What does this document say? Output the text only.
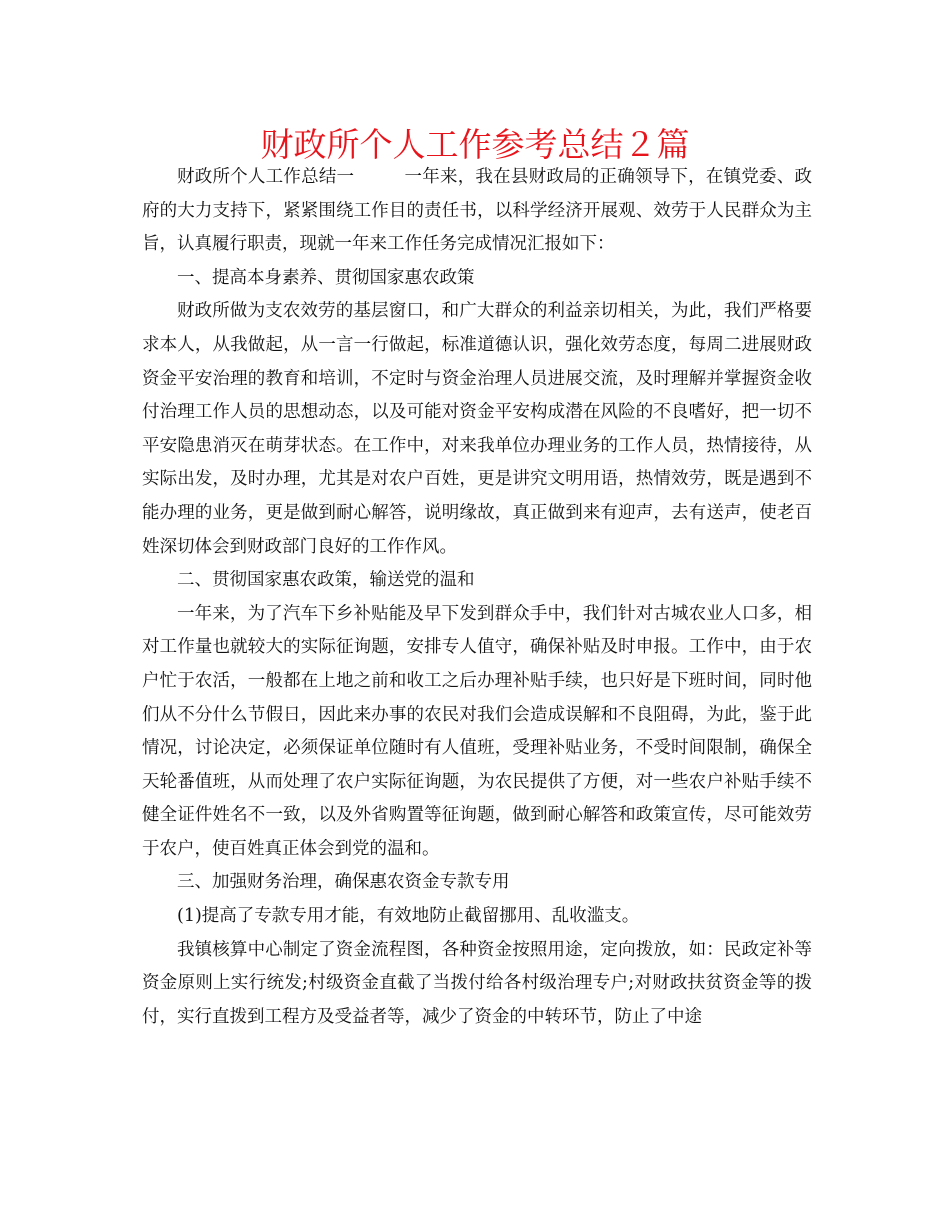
财政所个人工作参考总结２篇

财政所个人工作总结一	一年来，我在县财政局的正确领导下，在镇党委、政府的大力支持下，紧紧围绕工作目的责任书，以科学经济开展观、效劳于人民群众为主旨，认真履行职责，现就一年来工作任务完成情况汇报如下：

一、提高本身素养、贯彻国家惠农政策

财政所做为支农效劳的基层窗口，和广大群众的利益亲切相关，为此，我们严格要求本人，从我做起，从一言一行做起，标准道德认识，强化效劳态度，每周二进展财政资金平安治理的教育和培训，不定时与资金治理人员进展交流，及时理解并掌握资金收付治理工作人员的思想动态，以及可能对资金平安构成潜在风险的不良嗜好，把一切不平安隐患消灭在萌芽状态。在工作中，对来我单位办理业务的工作人员，热情接待，从实际出发，及时办理，尤其是对农户百姓，更是讲究文明用语，热情效劳，既是遇到不能办理的业务，更是做到耐心解答，说明缘故，真正做到来有迎声，去有送声，使老百姓深切体会到财政部门良好的工作作风。

二、贯彻国家惠农政策，输送党的温和

一年来，为了汽车下乡补贴能及早下发到群众手中，我们针对古城农业人口多，相对工作量也就较大的实际征询题，安排专人值守，确保补贴及时申报。工作中，由于农户忙于农活，一般都在上地之前和收工之后办理补贴手续，也只好是下班时间，同时他们从不分什么节假日，因此来办事的农民对我们会造成误解和不良阻碍，为此，鉴于此情况，讨论决定，必须保证单位随时有人值班，受理补贴业务，不受时间限制，确保全天轮番值班，从而处理了农户实际征询题，为农民提供了方便，对一些农户补贴手续不健全证件姓名不一致，以及外省购置等征询题，做到耐心解答和政策宣传，尽可能效劳于农户，使百姓真正体会到党的温和。

三、加强财务治理，确保惠农资金专款专用

(1)提高了专款专用才能，有效地防止截留挪用、乱收滥支。

我镇核算中心制定了资金流程图，各种资金按照用途，定向拨放，如：民政定补等资金原则上实行统发;村级资金直截了当拨付给各村级治理专户;对财政扶贫资金等的拨付，实行直拨到工程方及受益者等，减少了资金的中转环节，防止了中途
